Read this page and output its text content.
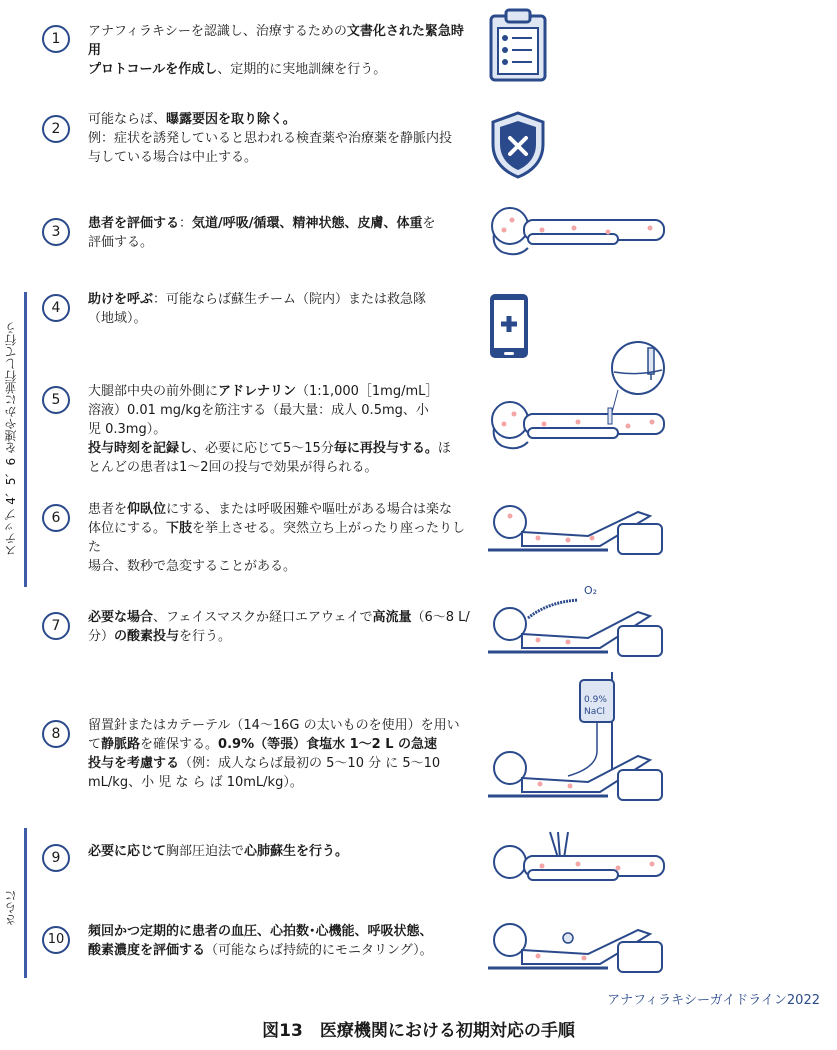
ステップ 4、5、6 を速やかに並行して行う
さらに
1	アナフィラキシーを認識し、治療するための文書化された緊急時用
プロトコールを作成し、定期的に実地訓練を行う。
2
可能ならば、曝露要因を取り除く。
例：症状を誘発していると思われる検査薬や治療薬を静脈内投
与している場合は中止する。
3
患者を評価する：気道/呼吸/循環、精神状態、皮膚、体重を
評価する。
4
助けを呼ぶ：可能ならば蘇生チーム（院内）または救急隊
（地域）。
5
大腿部中央の前外側にアドレナリン（1:1,000［1mg/mL］
溶液）0.01 mg/kgを筋注する（最大量：成人 0.5mg、小
児 0.3mg）。
投与時刻を記録し、必要に応じて5～15分毎に再投与する。ほ
とんどの患者は1～2回の投与で効果が得られる。
6
患者を仰臥位にする、または呼吸困難や嘔吐がある場合は楽な
体位にする。下肢を挙上させる。突然立ち上がったり座ったりした
場合、数秒で急変することがある。
7
必要な場合、フェイスマスクか経口エアウェイで高流量（6～8 L/
分）の酸素投与を行う。
O₂
8
留置針またはカテーテル（14～16G の太いものを使用）を用い
て静脈路を確保する。0.9%（等張）食塩水 1～2 L の急速
投与を考慮する（例：成人ならば最初の 5～10 分 に 5～10
mL/kg、小 児 な ら ば 10mL/kg）。
0.9%
NaCl
9	必要に応じて胸部圧迫法で心肺蘇生を行う。
10
頻回かつ定期的に患者の血圧、心拍数･心機能、呼吸状態、
酸素濃度を評価する（可能ならば持続的にモニタリング）。
アナフィラキシーガイドライン2022
図13　医療機関における初期対応の手順
